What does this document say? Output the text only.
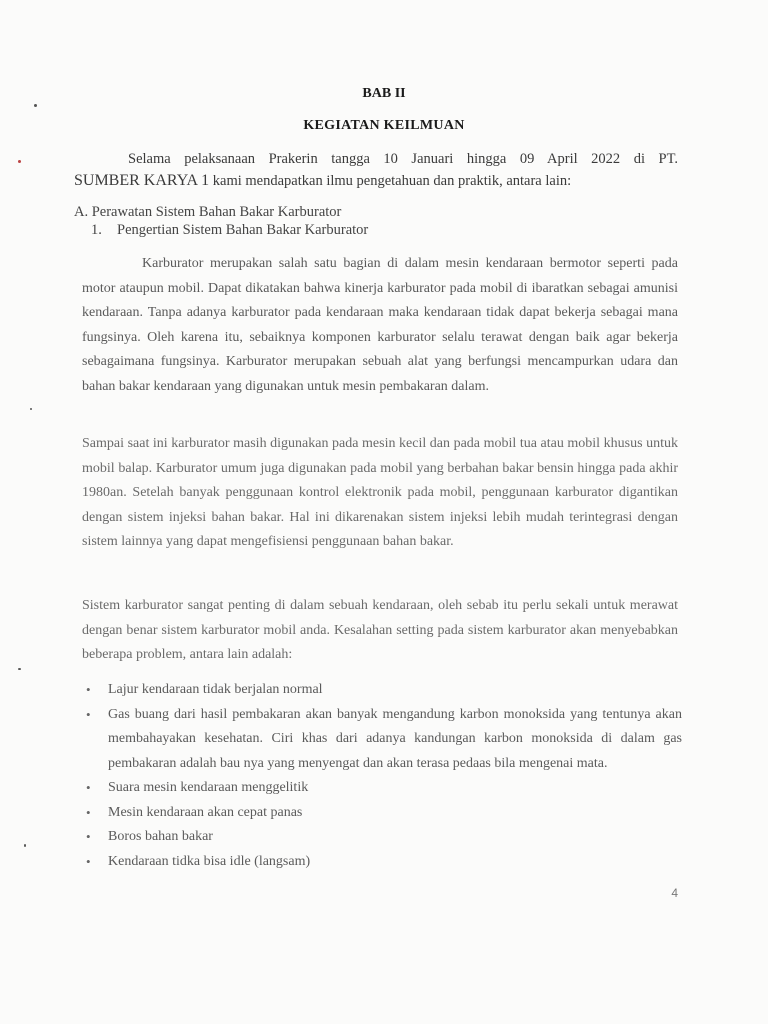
BAB II
KEGIATAN KEILMUAN
Selama pelaksanaan Prakerin tangga 10 Januari hingga 09 April 2022 di PT.
SUMBER KARYA 1 kami mendapatkan ilmu pengetahuan dan praktik, antara lain:
A. Perawatan Sistem Bahan Bakar Karburator
1. Pengertian Sistem Bahan Bakar Karburator
Karburator merupakan salah satu bagian di dalam mesin kendaraan bermotor seperti pada motor ataupun mobil. Dapat dikatakan bahwa kinerja karburator pada mobil di ibaratkan sebagai amunisi kendaraan. Tanpa adanya karburator pada kendaraan maka kendaraan tidak dapat bekerja sebagai mana fungsinya. Oleh karena itu, sebaiknya komponen karburator selalu terawat dengan baik agar bekerja sebagaimana fungsinya. Karburator merupakan sebuah alat yang berfungsi mencampurkan udara dan bahan bakar kendaraan yang digunakan untuk mesin pembakaran dalam.
Sampai saat ini karburator masih digunakan pada mesin kecil dan pada mobil tua atau mobil khusus untuk mobil balap. Karburator umum juga digunakan pada mobil yang berbahan bakar bensin hingga pada akhir 1980an. Setelah banyak penggunaan kontrol elektronik pada mobil, penggunaan karburator digantikan dengan sistem injeksi bahan bakar. Hal ini dikarenakan sistem injeksi lebih mudah terintegrasi dengan sistem lainnya yang dapat mengefisiensi penggunaan bahan bakar.
Sistem karburator sangat penting di dalam sebuah kendaraan, oleh sebab itu perlu sekali untuk merawat dengan benar sistem karburator mobil anda. Kesalahan setting pada sistem karburator akan menyebabkan beberapa problem, antara lain adalah:
• Lajur kendaraan tidak berjalan normal
• Gas buang dari hasil pembakaran akan banyak mengandung karbon monoksida yang tentunya akan membahayakan kesehatan. Ciri khas dari adanya kandungan karbon monoksida di dalam gas pembakaran adalah bau nya yang menyengat dan akan terasa pedaas bila mengenai mata.
• Suara mesin kendaraan menggelitik
• Mesin kendaraan akan cepat panas
• Boros bahan bakar
• Kendaraan tidka bisa idle (langsam)
4
